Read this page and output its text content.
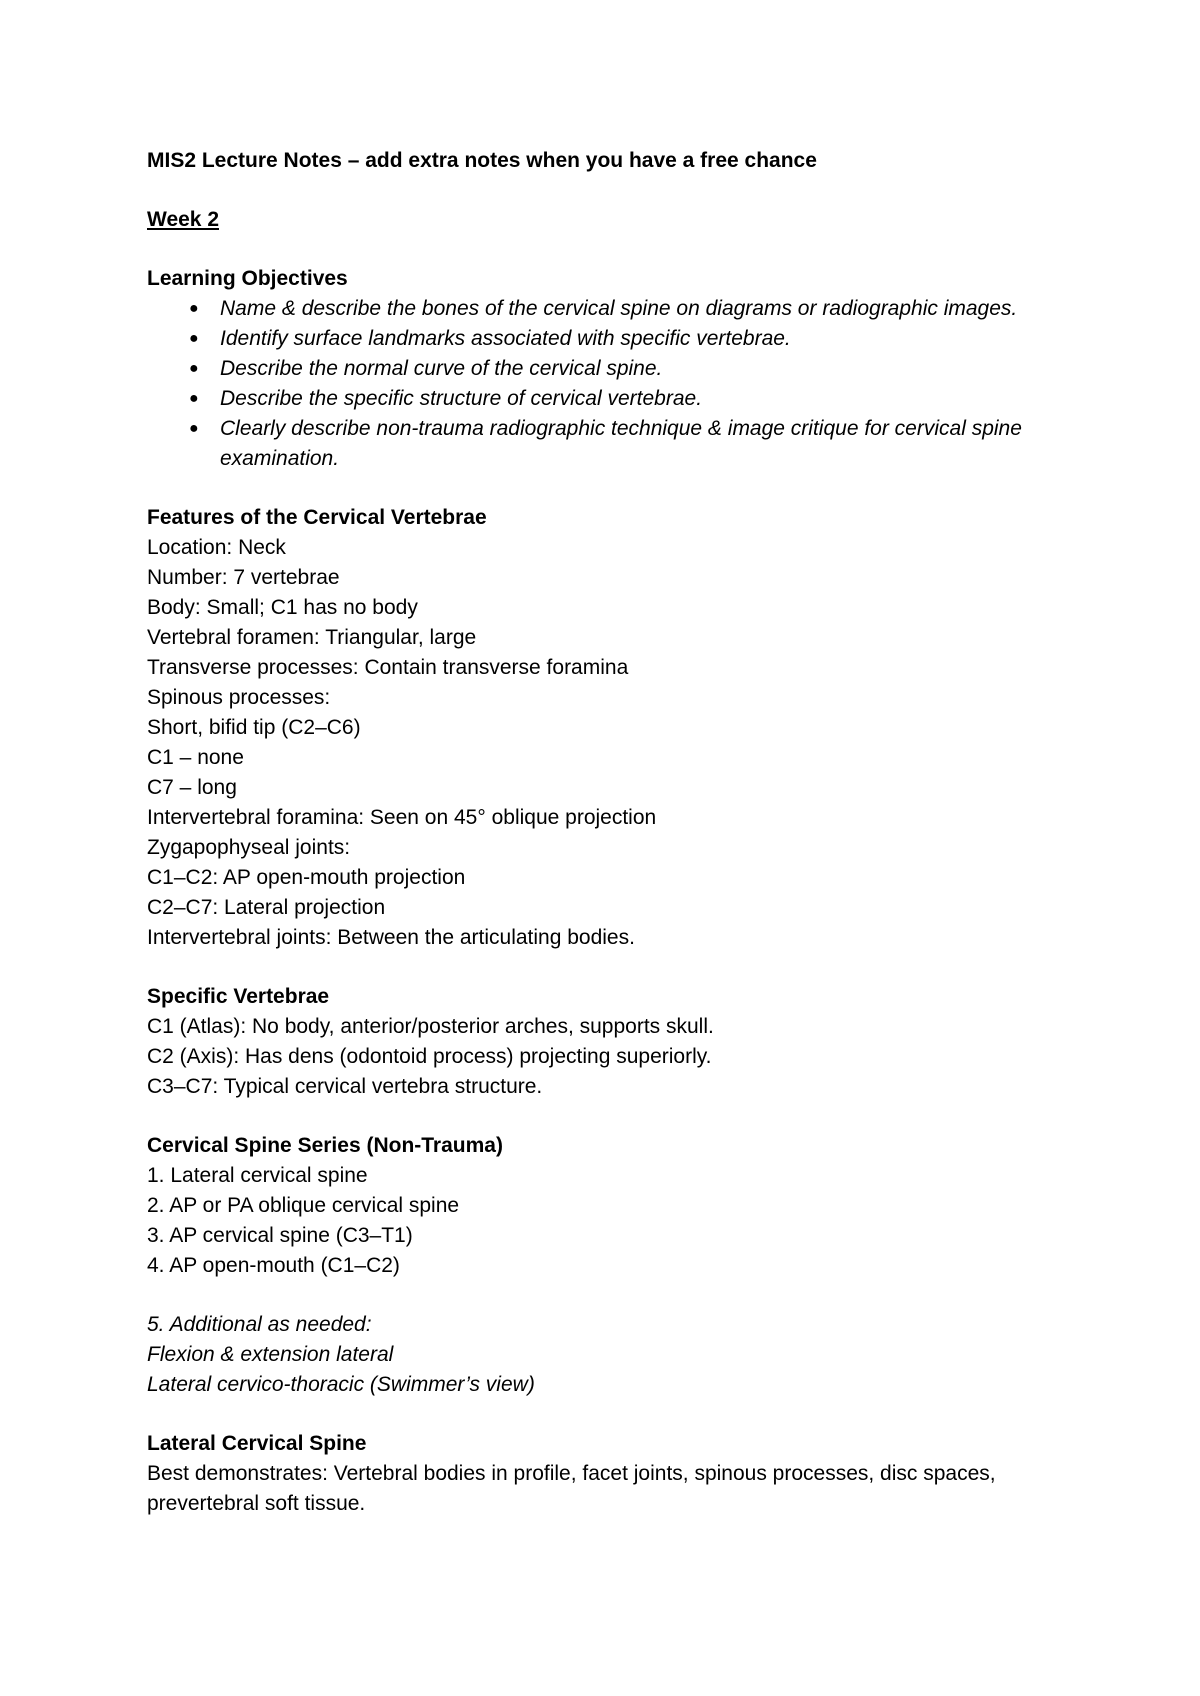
MIS2 Lecture Notes – add extra notes when you have a free chance

Week 2

Learning Objectives

● Name & describe the bones of the cervical spine on diagrams or radiographic images.
● Identify surface landmarks associated with specific vertebrae.
● Describe the normal curve of the cervical spine.
● Describe the specific structure of cervical vertebrae.
● Clearly describe non-trauma radiographic technique & image critique for cervical spine examination.

Features of the Cervical Vertebrae

Location: Neck

Number: 7 vertebrae

Body: Small; C1 has no body

Vertebral foramen: Triangular, large

Transverse processes: Contain transverse foramina

Spinous processes:

Short, bifid tip (C2–C6)

C1 – none

C7 – long

Intervertebral foramina: Seen on 45° oblique projection

Zygapophyseal joints:

C1–C2: AP open-mouth projection

C2–C7: Lateral projection

Intervertebral joints: Between the articulating bodies.

Specific Vertebrae

C1 (Atlas): No body, anterior/posterior arches, supports skull.

C2 (Axis): Has dens (odontoid process) projecting superiorly.

C3–C7: Typical cervical vertebra structure.

Cervical Spine Series (Non-Trauma)

1. Lateral cervical spine

2. AP or PA oblique cervical spine

3. AP cervical spine (C3–T1)

4. AP open-mouth (C1–C2)

5. Additional as needed:

Flexion & extension lateral

Lateral cervico-thoracic (Swimmer’s view)

Lateral Cervical Spine

Best demonstrates: Vertebral bodies in profile, facet joints, spinous processes, disc spaces, prevertebral soft tissue.
